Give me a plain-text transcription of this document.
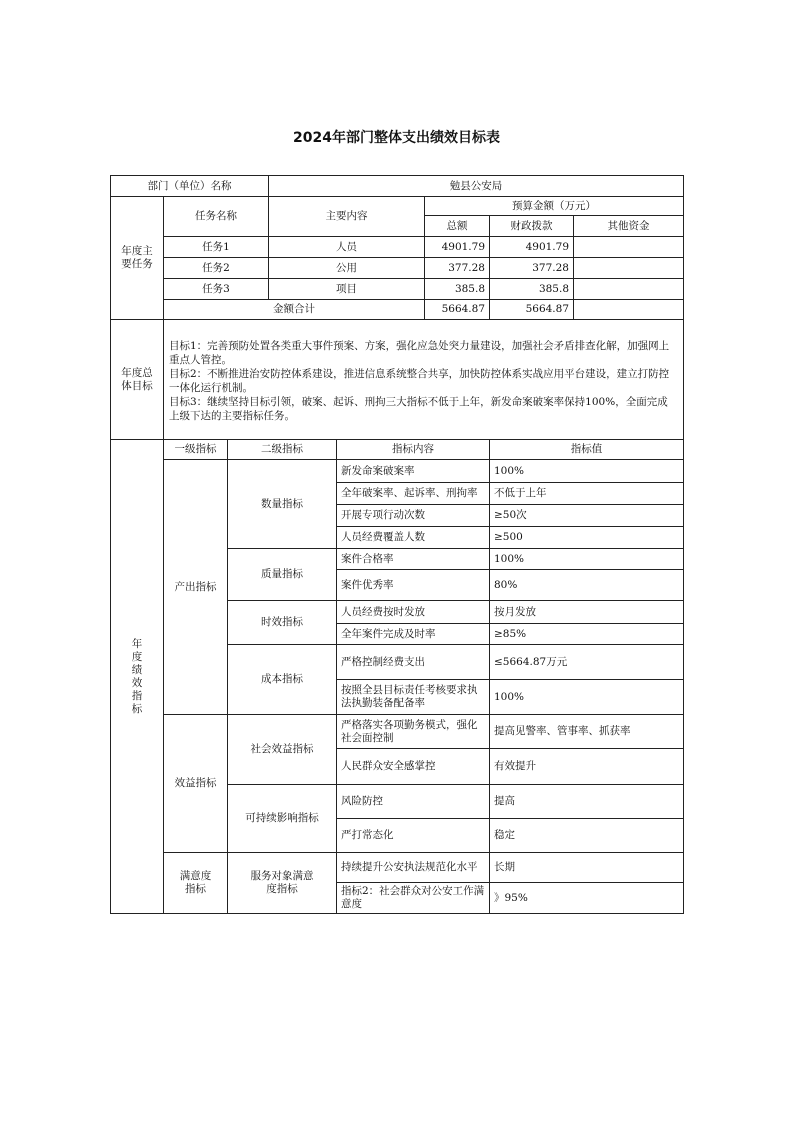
2024年部门整体支出绩效目标表
部门（单位）名称			勉县公安局				
年度主要任务	任务名称		主要内容		预算金额（万元）		
					总额	财政拨款	其他资金
	任务1		人员		4901.79	4901.79	
	任务2		公用		377.28	377.28	
	任务3		项目		385.8	385.8	
	金额合计				5664.87	5664.87	
年度总体目标	目标1：完善预防处置各类重大事件预案、方案，强化应急处突力量建设，加强社会矛盾排查化解，加强网上重点人管控。
目标2：不断推进治安防控体系建设，推进信息系统整合共享，加快防控体系实战应用平台建设，建立打防控一体化运行机制。
目标3：继续坚持目标引领，破案、起诉、刑拘三大指标不低于上年，新发命案破案率保持100%，全面完成上级下达的主要指标任务。						

年度绩效指标	一级指标	二级指标		指标内容		指标值	
	产出指标	数量指标		新发命案破案率		100%	
				全年破案率、起诉率、刑拘率		不低于上年	
				开展专项行动次数		≥50次	
				人员经费覆盖人数		≥500	
		质量指标		案件合格率		100%	
				案件优秀率		80%	
		时效指标		人员经费按时发放		按月发放	
				全年案件完成及时率		≥85%	
		成本指标		严格控制经费支出		≤5664.87万元	
				按照全县目标责任考核要求执法执勤装备配备率		100%	
	效益指标	社会效益指标		严格落实各项勤务模式，强化社会面控制		提高见警率、管事率、抓获率	
				人民群众安全感掌控		有效提升	
		可持续影响指标		风险防控		提高	
				严打常态化		稳定	
	满意度指标	服务对象满意度指标		持续提升公安执法规范化水平		长期	
				指标2：社会群众对公安工作满意度		》95%	
